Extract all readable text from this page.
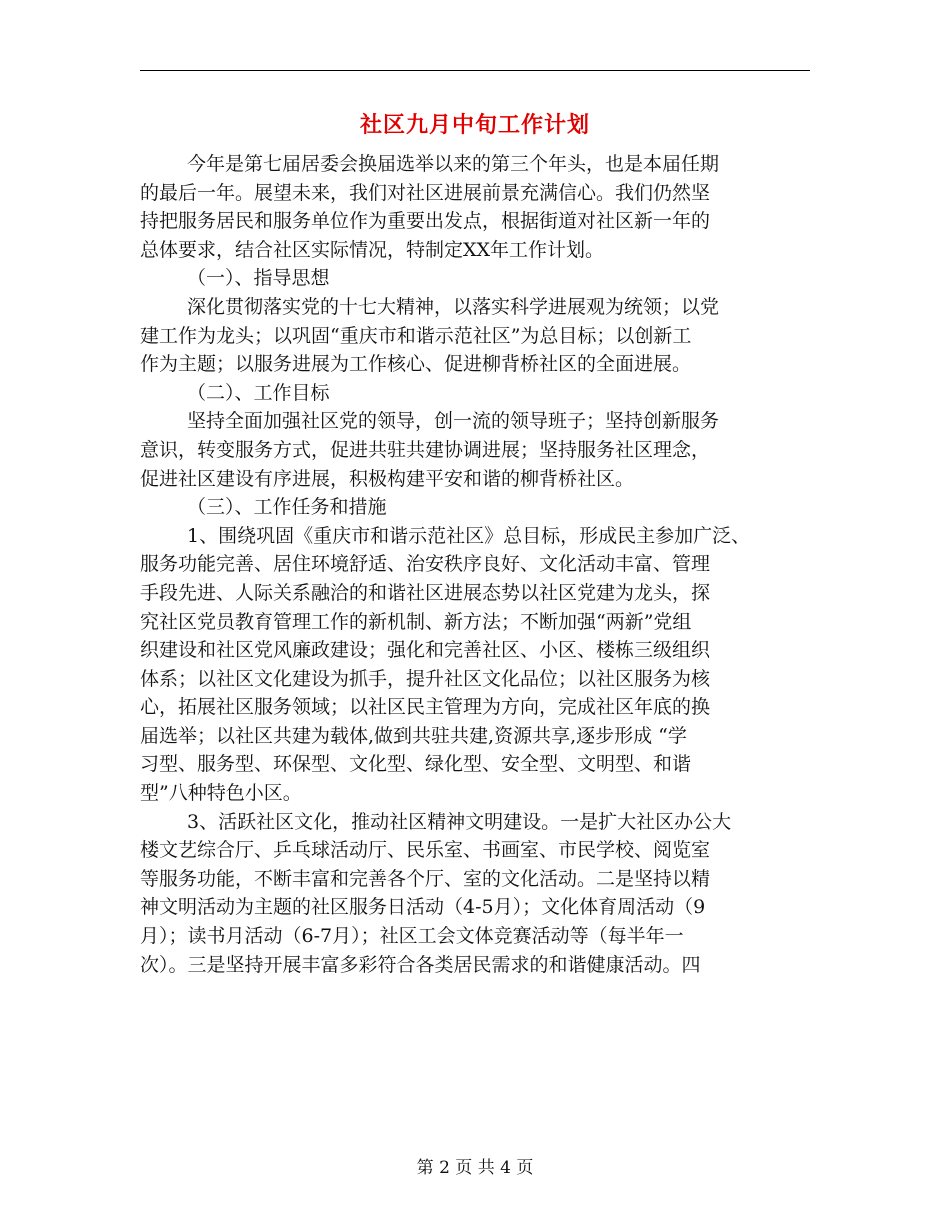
社区九月中旬工作计划
今年是第七届居委会换届选举以来的第三个年头，也是本届任期
的最后一年。展望未来，我们对社区进展前景充满信心。我们仍然坚
持把服务居民和服务单位作为重要出发点，根据街道对社区新一年的
总体要求，结合社区实际情况，特制定XX年工作计划。
（一）、指导思想
深化贯彻落实党的十七大精神，以落实科学进展观为统领；以党
建工作为龙头；以巩固“重庆市和谐示范社区”为总目标；以创新工
作为主题；以服务进展为工作核心、促进柳背桥社区的全面进展。
（二）、工作目标
坚持全面加强社区党的领导，创一流的领导班子；坚持创新服务
意识，转变服务方式，促进共驻共建协调进展；坚持服务社区理念，
促进社区建设有序进展，积极构建平安和谐的柳背桥社区。
（三）、工作任务和措施
1、围绕巩固《重庆市和谐示范社区》总目标，形成民主参加广泛、
服务功能完善、居住环境舒适、治安秩序良好、文化活动丰富、管理
手段先进、人际关系融洽的和谐社区进展态势以社区党建为龙头，探
究社区党员教育管理工作的新机制、新方法；不断加强“两新”党组
织建设和社区党风廉政建设；强化和完善社区、小区、楼栋三级组织
体系；以社区文化建设为抓手，提升社区文化品位；以社区服务为核
心，拓展社区服务领域；以社区民主管理为方向，完成社区年底的换
届选举；以社区共建为载体,做到共驻共建,资源共享,逐步形成 “学
习型、服务型、环保型、文化型、绿化型、安全型、文明型、和谐
型”八种特色小区。
3、活跃社区文化，推动社区精神文明建设。一是扩大社区办公大
楼文艺综合厅、乒乓球活动厅、民乐室、书画室、市民学校、阅览室
等服务功能，不断丰富和完善各个厅、室的文化活动。二是坚持以精
神文明活动为主题的社区服务日活动（4-5月）；文化体育周活动（9
月）；读书月活动（6-7月）；社区工会文体竞赛活动等（每半年一
次）。三是坚持开展丰富多彩符合各类居民需求的和谐健康活动。四
第 2 页 共 4 页
